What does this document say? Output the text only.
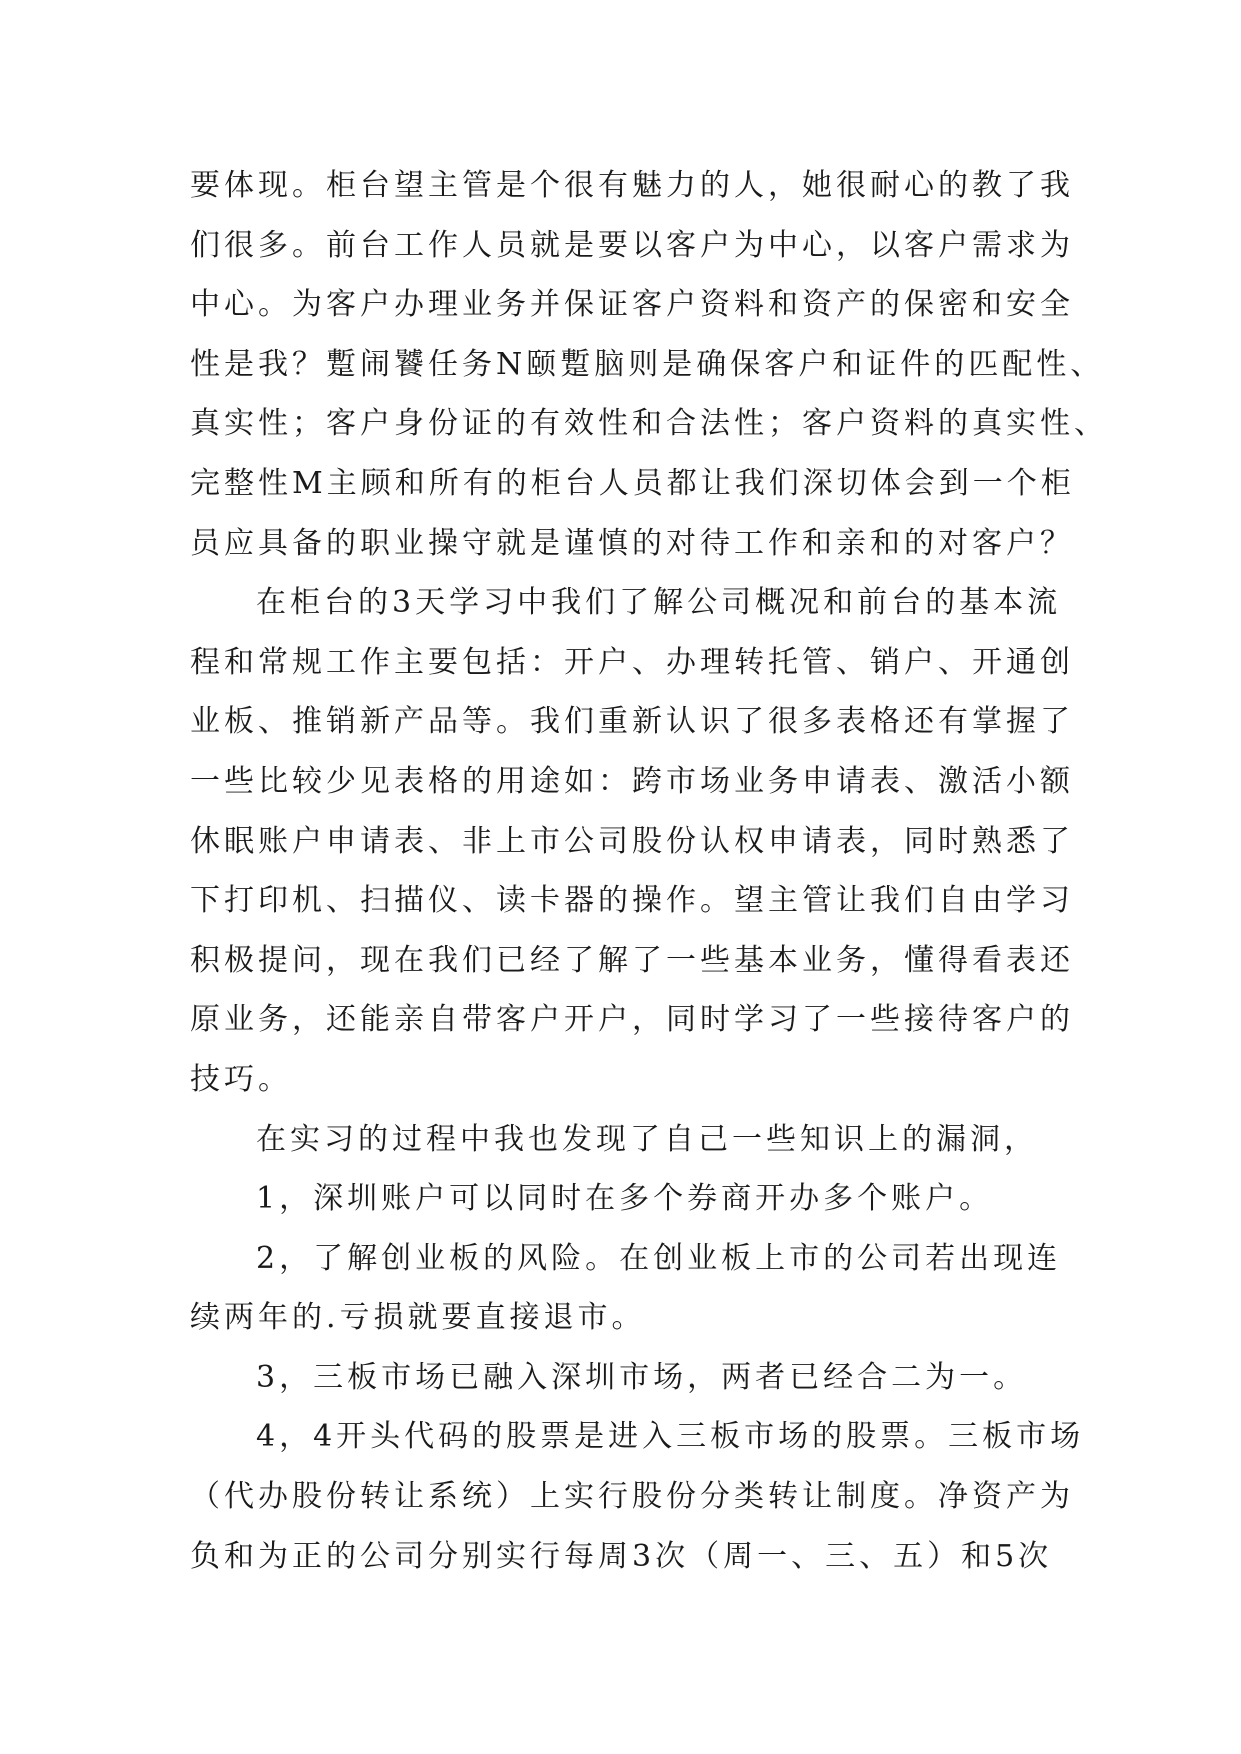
要体现。柜台望主管是个很有魅力的人，她很耐心的教了我
们很多。前台工作人员就是要以客户为中心，以客户需求为
中心。为客户办理业务并保证客户资料和资产的保密和安全
性是我？蹔闹饕任务N颐蹔脑则是确保客户和证件的匹配性、
真实性；客户身份证的有效性和合法性；客户资料的真实性、
完整性M主顾和所有的柜台人员都让我们深切体会到一个柜
员应具备的职业操守就是谨慎的对待工作和亲和的对客户？
在柜台的3天学习中我们了解公司概况和前台的基本流
程和常规工作主要包括：开户、办理转托管、销户、开通创
业板、推销新产品等。我们重新认识了很多表格还有掌握了
一些比较少见表格的用途如：跨市场业务申请表、激活小额
休眠账户申请表、非上市公司股份认权申请表，同时熟悉了
下打印机、扫描仪、读卡器的操作。望主管让我们自由学习
积极提问，现在我们已经了解了一些基本业务，懂得看表还
原业务，还能亲自带客户开户，同时学习了一些接待客户的
技巧。
在实习的过程中我也发现了自己一些知识上的漏洞，
1，深圳账户可以同时在多个券商开办多个账户。
2，了解创业板的风险。在创业板上市的公司若出现连
续两年的.亏损就要直接退市。
3，三板市场已融入深圳市场，两者已经合二为一。
4，4开头代码的股票是进入三板市场的股票。三板市场
（代办股份转让系统）上实行股份分类转让制度。净资产为
负和为正的公司分别实行每周3次（周一、三、五）和5次
